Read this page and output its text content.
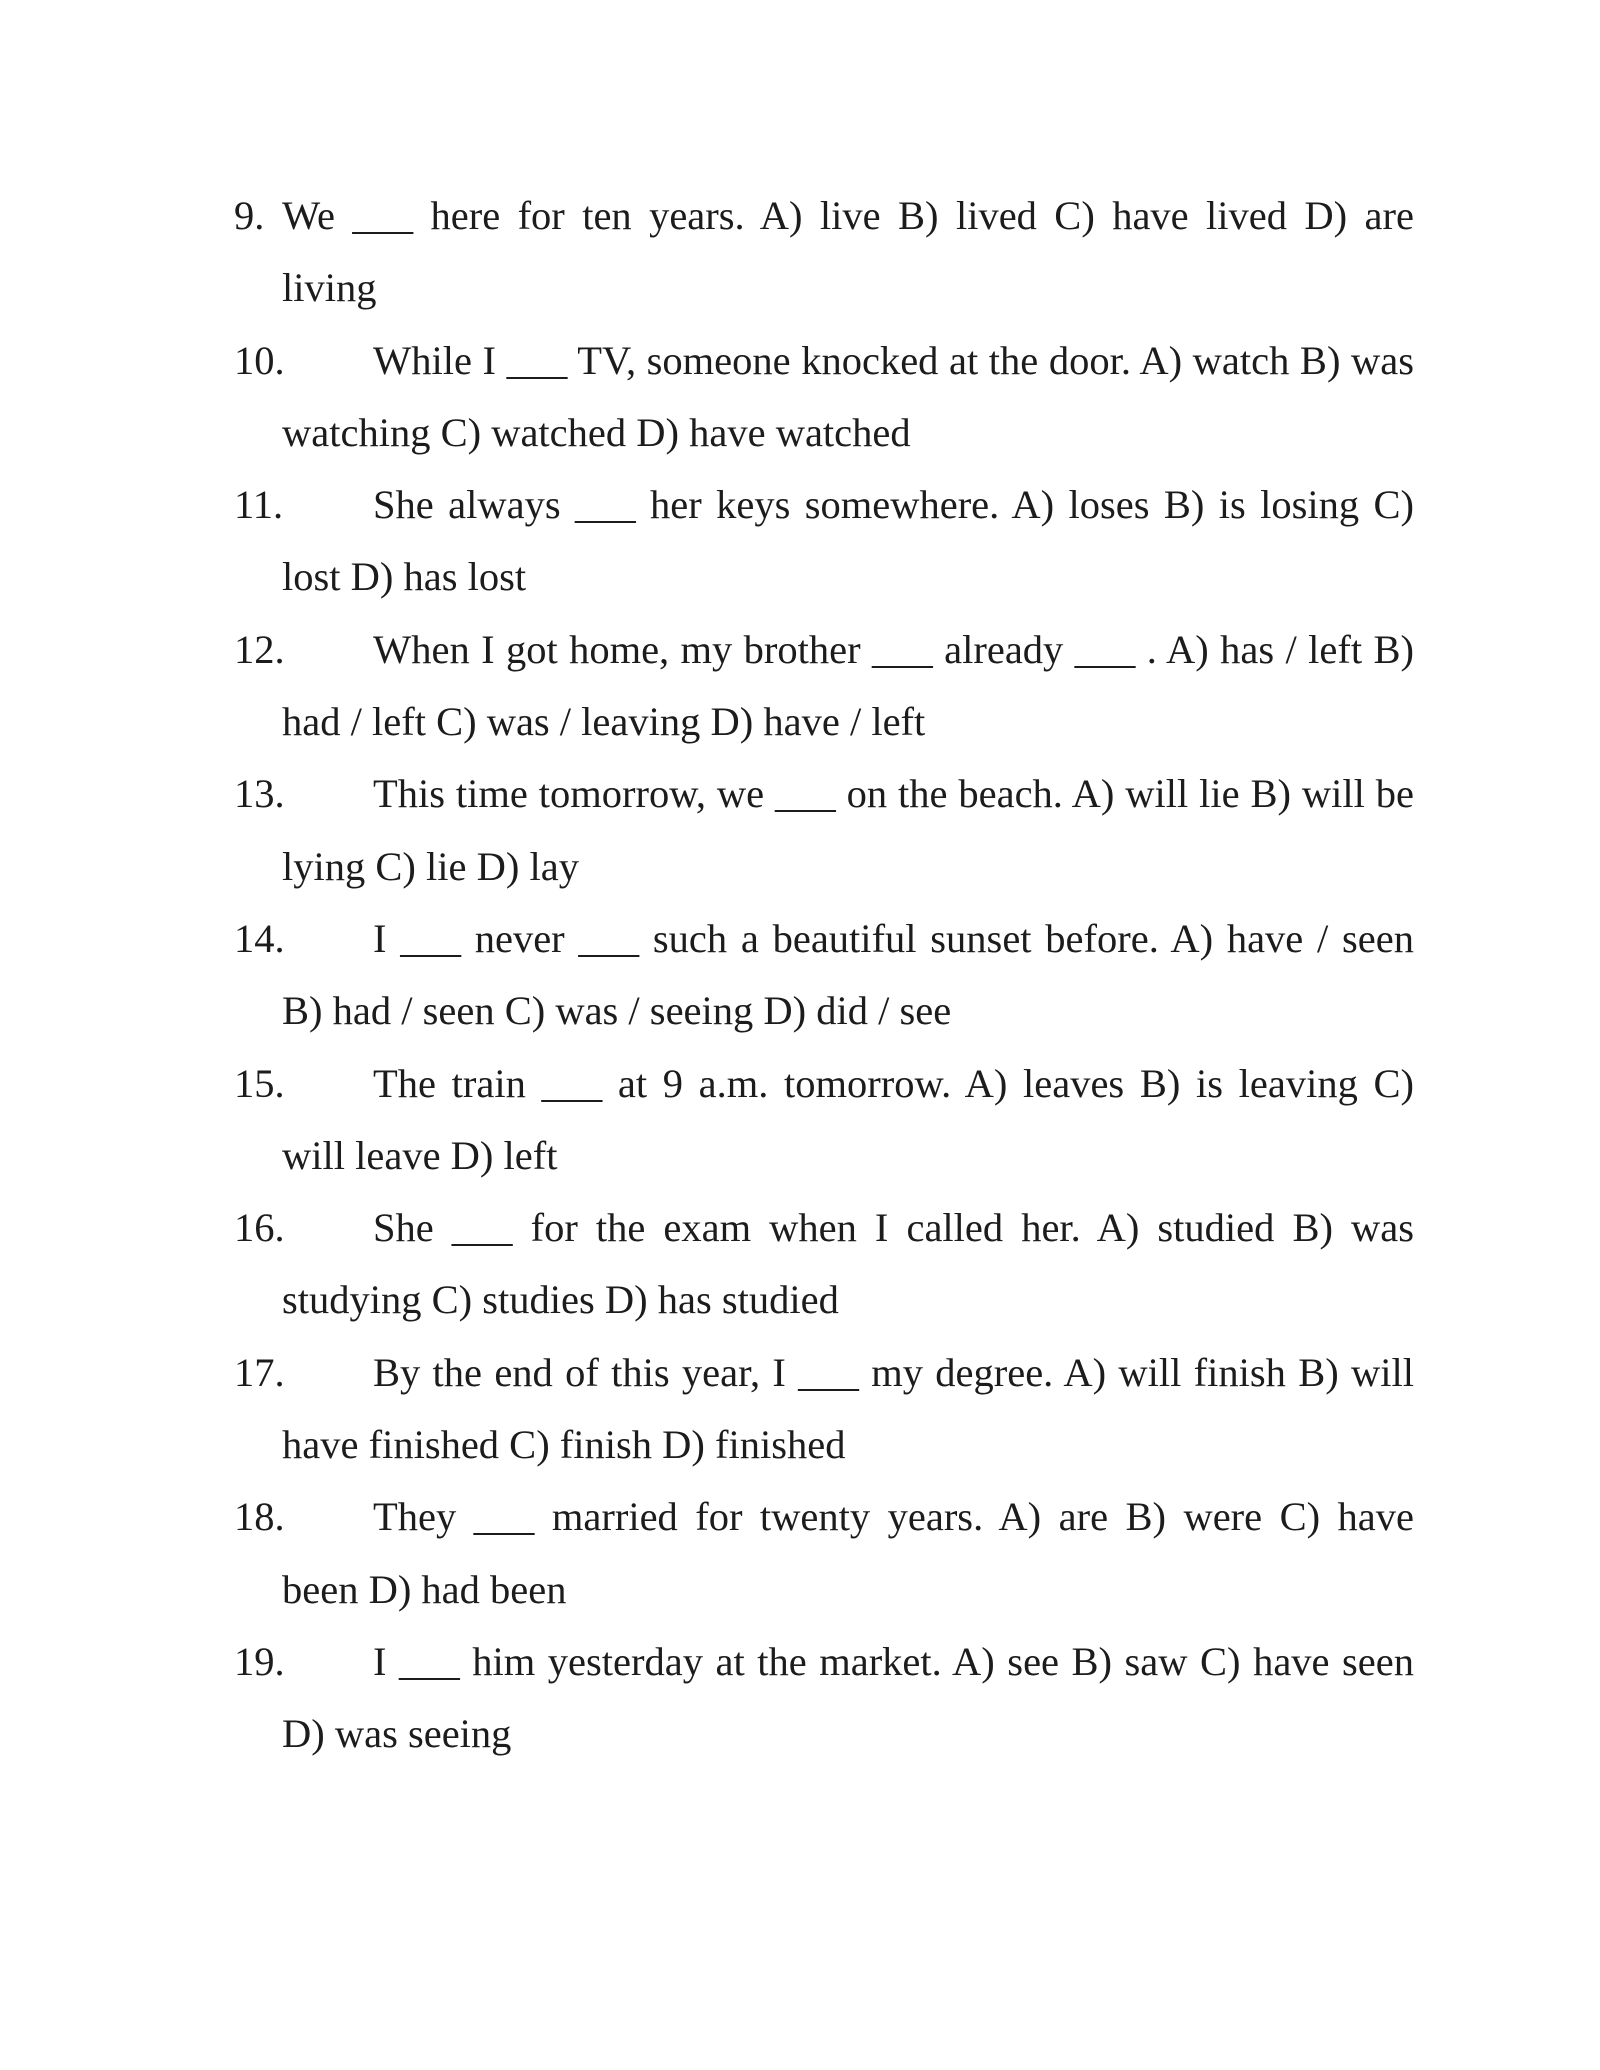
9. We ___ here for ten years. A) live B) lived C) have lived D) are living
10. While I ___ TV, someone knocked at the door. A) watch B) was watching C) watched D) have watched
11. She always ___ her keys somewhere. A) loses B) is losing C) lost D) has lost
12. When I got home, my brother ___ already ___ . A) has / left B) had / left C) was / leaving D) have / left
13. This time tomorrow, we ___ on the beach. A) will lie B) will be lying C) lie D) lay
14. I ___ never ___ such a beautiful sunset before. A) have / seen B) had / seen C) was / seeing D) did / see
15. The train ___ at 9 a.m. tomorrow. A) leaves B) is leaving C) will leave D) left
16. She ___ for the exam when I called her. A) studied B) was studying C) studies D) has studied
17. By the end of this year, I ___ my degree. A) will finish B) will have finished C) finish D) finished
18. They ___ married for twenty years. A) are B) were C) have been D) had been
19. I ___ him yesterday at the market. A) see B) saw C) have seen D) was seeing
